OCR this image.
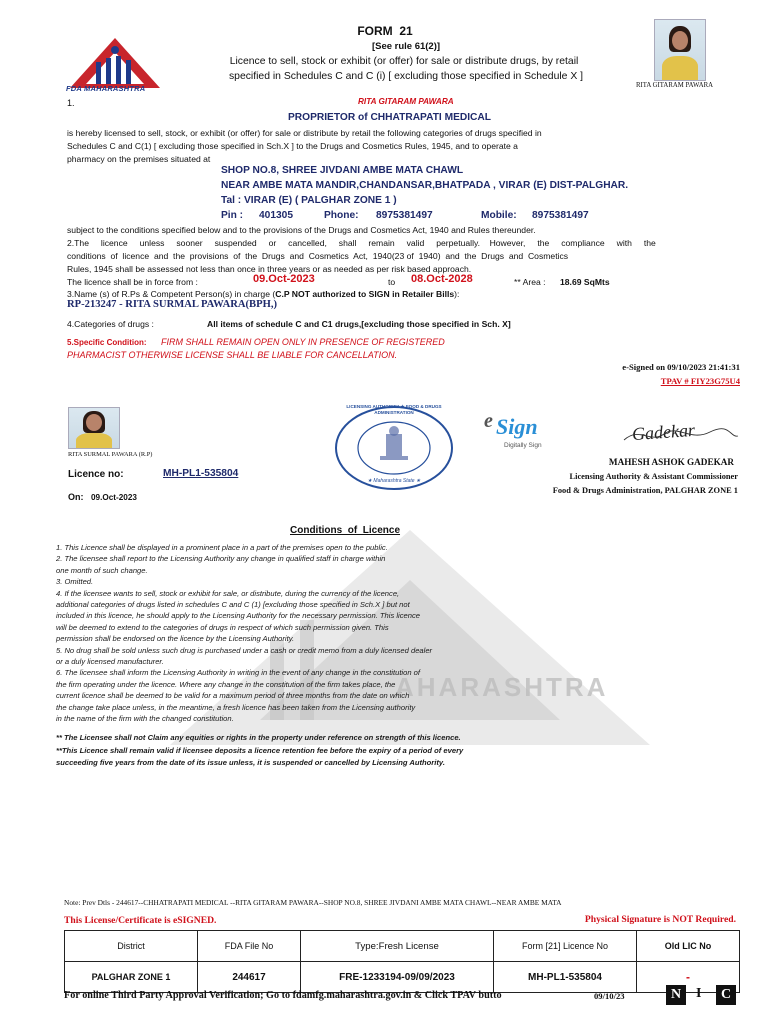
AHARASHTRA
FDA MAHARASHTRA
FORM  21
[See rule 61(2)]
Licence to sell, stock or exhibit (or offer) for sale or distribute drugs, by retail
specified in Schedules C and C (i) [ excluding those specified in Schedule X ]
RITA GITARAM PAWARA
1.	RITA GITARAM PAWARA
PROPRIETOR of CHHATRAPATI MEDICAL
is hereby licensed to sell, stock, or exhibit (or offer) for sale or distribute by retail the following categories of drugs specified in
Schedules C and C(1) [ excluding those specified in Sch.X ] to the Drugs and Cosmetics Rules, 1945, and to operate a
pharmacy on the premises situated at
SHOP NO.8, SHREE JIVDANI AMBE MATA CHAWL
NEAR AMBE MATA MANDIR,CHANDANSAR,BHATPADA , VIRAR (E) DIST-PALGHAR.
Tal : VIRAR (E) ( PALGHAR ZONE 1 )
Pin : 401305	Phone: 8975381497	Mobile: 8975381497
subject to the conditions specified below and to the provisions of the Drugs and Cosmetics Act, 1940 and Rules thereunder.
2.The     licence     unless     sooner     suspended     or     cancelled,     shall     remain     valid     perpetually.    However,     the     compliance     with     the
conditions  of  licence  and  the  provisions  of  the  Drugs  and  Cosmetics  Act,  1940(23 of  1940)  and  the  Drugs  and  Cosmetics
Rules, 1945 shall be assessed not less than once in three years or as needed as per risk based approach.
The licence shall be in force from :	09.Oct-2023	to 08.Oct-2028	** Area : 18.69 SqMts
3.Name (s) of R.Ps & Competent Person(s) in charge (C.P NOT authorized to SIGN in Retailer Bills):
RP-213247 - RITA SURMAL PAWARA(BPH,)
4.Categories of drugs :	All items of schedule C and C1 drugs,[excluding those specified in Sch. X]
5.Specific Condition: FIRM SHALL REMAIN OPEN ONLY IN PRESENCE OF REGISTERED
PHARMACIST OTHERWISE LICENSE SHALL BE LIABLE FOR CANCELLATION.
e-Signed on 09/10/2023 21:41:31
TPAV # FIY23G75U4
RITA SURMAL PAWARA (R.P)
LICENSING AUTHORITY ★ FOOD & DRUGS ADMINISTRATION
★ Maharashtra State ★
e Sign
Digitally Sign
Gadekar
MAHESH ASHOK GADEKAR
Licensing Authority & Assistant Commissioner
Food & Drugs Administration, PALGHAR ZONE 1
Licence no:	MH-PL1-535804
On: 09.Oct-2023
Conditions  of  Licence
1. This Licence shall be displayed in a prominent place in a part of the premises open to the public.
2. The licensee shall report to the Licensing Authority any change in qualified staff in charge within
one month of such change.
3. Omitted.
4. If the licensee wants to sell, stock or exhibit for sale, or distribute, during the currency of the licence,
additional categories of drugs listed in schedules C and C (1) [excluding those specified in Sch.X ] but not
included in this licence, he should apply to the Licensing Authority for the necessary permission. This licence
will be deemed to extend to the categories of drugs in respect of which such permission given. This
permission shall be endorsed on the licence by the Licensing Authority.
5. No drug shall be sold unless such drug is purchased under a cash or credit memo from a duly licensed dealer
or a duly licensed manufacturer.
6. The licensee shall inform the Licensing Authority in writing in the event of any change in the constitution of
the firm operating under the licence. Where any change in the constitution of the firm takes place, the
current licence shall be deemed to be valid for a maximum period of three months from the date on which
the change take place unless, in the meantime, a fresh licence has been taken from the Licensing authority
in the name of the firm with the changed constitution.
** The Licensee shall not Claim any equities or rights in the property under reference on strength of this licence.
**This Licence shall remain valid if licensee deposits a licence retention fee before the expiry of a period of every
succeeding five years from the date of its issue unless, it is suspended or cancelled by Licensing Authority.
Note: Prev Dtls - 244617--CHHATRAPATI MEDICAL --RITA GITARAM PAWARA--SHOP NO.8, SHREE JIVDANI AMBE MATA CHAWL--NEAR AMBE MATA
This License/Certificate is eSIGNED.	Physical Signature is NOT Required.
District	FDA File No	Type:Fresh License	Form [21] Licence No	Old LIC No
PALGHAR ZONE 1	244617	FRE-1233194-09/09/2023	MH-PL1-535804	-
For online Third Party Approval Verification; Go to fdamfg.maharashtra.gov.in & Click TPAV butto	09/10/23	N	I	C
